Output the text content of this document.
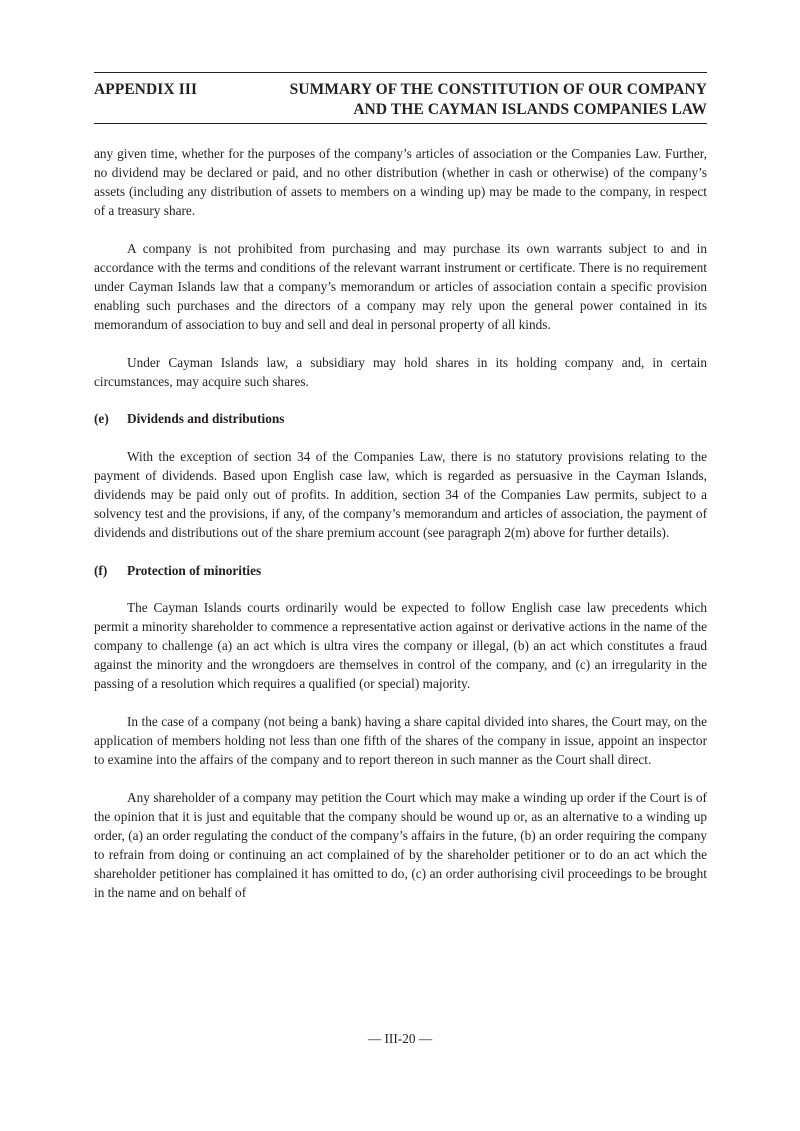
APPENDIX III	SUMMARY OF THE CONSTITUTION OF OUR COMPANY
AND THE CAYMAN ISLANDS COMPANIES LAW

any given time, whether for the purposes of the company’s articles of association or the Companies Law. Further, no dividend may be declared or paid, and no other distribution (whether in cash or otherwise) of the company’s assets (including any distribution of assets to members on a winding up) may be made to the company, in respect of a treasury share.

A company is not prohibited from purchasing and may purchase its own warrants subject to and in accordance with the terms and conditions of the relevant warrant instrument or certificate. There is no requirement under Cayman Islands law that a company’s memorandum or articles of association contain a specific provision enabling such purchases and the directors of a company may rely upon the general power contained in its memorandum of association to buy and sell and deal in personal property of all kinds.

Under Cayman Islands law, a subsidiary may hold shares in its holding company and, in certain circumstances, may acquire such shares.

(e) Dividends and distributions

With the exception of section 34 of the Companies Law, there is no statutory provisions relating to the payment of dividends. Based upon English case law, which is regarded as persuasive in the Cayman Islands, dividends may be paid only out of profits. In addition, section 34 of the Companies Law permits, subject to a solvency test and the provisions, if any, of the company’s memorandum and articles of association, the payment of dividends and distributions out of the share premium account (see paragraph 2(m) above for further details).

(f) Protection of minorities

The Cayman Islands courts ordinarily would be expected to follow English case law precedents which permit a minority shareholder to commence a representative action against or derivative actions in the name of the company to challenge (a) an act which is ultra vires the company or illegal, (b) an act which constitutes a fraud against the minority and the wrongdoers are themselves in control of the company, and (c) an irregularity in the passing of a resolution which requires a qualified (or special) majority.

In the case of a company (not being a bank) having a share capital divided into shares, the Court may, on the application of members holding not less than one fifth of the shares of the company in issue, appoint an inspector to examine into the affairs of the company and to report thereon in such manner as the Court shall direct.

Any shareholder of a company may petition the Court which may make a winding up order if the Court is of the opinion that it is just and equitable that the company should be wound up or, as an alternative to a winding up order, (a) an order regulating the conduct of the company’s affairs in the future, (b) an order requiring the company to refrain from doing or continuing an act complained of by the shareholder petitioner or to do an act which the shareholder petitioner has complained it has omitted to do, (c) an order authorising civil proceedings to be brought in the name and on behalf of

— III-20 —
